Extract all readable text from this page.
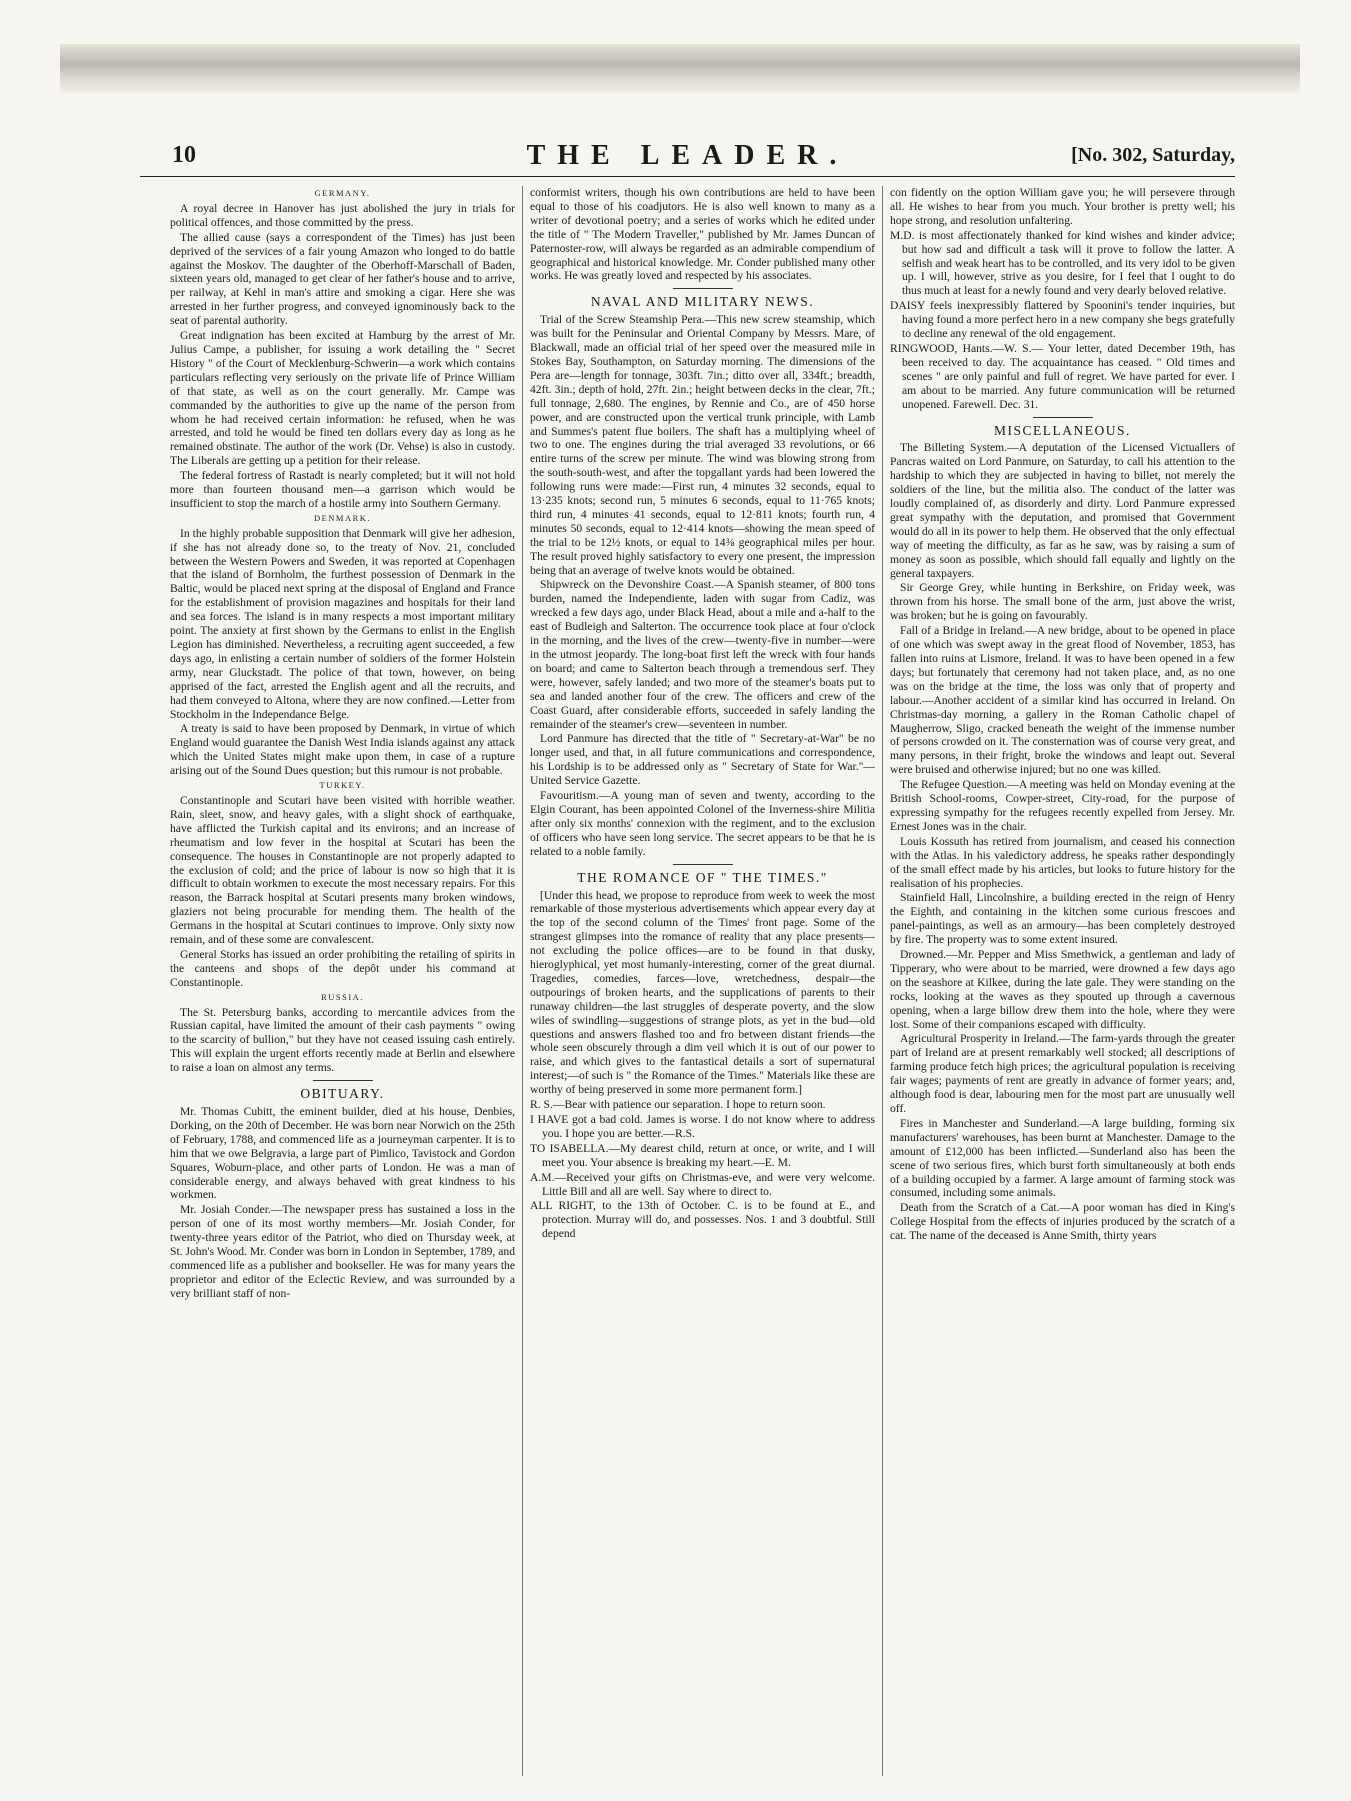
10	THE LEADER.	[No. 302, Saturday,
GERMANY.

A royal decree in Hanover has just abolished the jury in trials for political offences, and those committed by the press.

The allied cause (says a correspondent of the Times) has just been deprived of the services of a fair young Amazon who longed to do battle against the Moskov. The daughter of the Oberhoff-Marschall of Baden, sixteen years old, managed to get clear of her father's house and to arrive, per railway, at Kehl in man's attire and smoking a cigar. Here she was arrested in her further progress, and conveyed ignominously back to the seat of parental authority.

Great indignation has been excited at Hamburg by the arrest of Mr. Julius Campe, a publisher, for issuing a work detailing the " Secret History " of the Court of Mecklenburg-Schwerin—a work which contains particulars reflecting very seriously on the private life of Prince William of that state, as well as on the court generally. Mr. Campe was commanded by the authorities to give up the name of the person from whom he had received certain information: he refused, when he was arrested, and told he would be fined ten dollars every day as long as he remained obstinate. The author of the work (Dr. Vehse) is also in custody. The Liberals are getting up a petition for their release.

The federal fortress of Rastadt is nearly completed; but it will not hold more than fourteen thousand men—a garrison which would be insufficient to stop the march of a hostile army into Southern Germany.

DENMARK.

In the highly probable supposition that Denmark will give her adhesion, if she has not already done so, to the treaty of Nov. 21, concluded between the Western Powers and Sweden, it was reported at Copenhagen that the island of Bornholm, the furthest possession of Denmark in the Baltic, would be placed next spring at the disposal of England and France for the establishment of provision magazines and hospitals for their land and sea forces. The island is in many respects a most important military point. The anxiety at first shown by the Germans to enlist in the English Legion has diminished. Nevertheless, a recruiting agent succeeded, a few days ago, in enlisting a certain number of soldiers of the former Holstein army, near Gluckstadt. The police of that town, however, on being apprised of the fact, arrested the English agent and all the recruits, and had them conveyed to Altona, where they are now confined.—Letter from Stockholm in the Independance Belge.

A treaty is said to have been proposed by Denmark, in virtue of which England would guarantee the Danish West India islands against any attack which the United States might make upon them, in case of a rupture arising out of the Sound Dues question; but this rumour is not probable.

TURKEY.

Constantinople and Scutari have been visited with horrible weather. Rain, sleet, snow, and heavy gales, with a slight shock of earthquake, have afflicted the Turkish capital and its environs; and an increase of rheumatism and low fever in the hospital at Scutari has been the consequence. The houses in Constantinople are not properly adapted to the exclusion of cold; and the price of labour is now so high that it is difficult to obtain workmen to execute the most necessary repairs. For this reason, the Barrack hospital at Scutari presents many broken windows, glaziers not being procurable for mending them. The health of the Germans in the hospital at Scutari continues to improve. Only sixty now remain, and of these some are convalescent.

General Storks has issued an order prohibiting the retailing of spirits in the canteens and shops of the depôt under his command at Constantinople.

RUSSIA.

The St. Petersburg banks, according to mercantile advices from the Russian capital, have limited the amount of their cash payments " owing to the scarcity of bullion," but they have not ceased issuing cash entirely. This will explain the urgent efforts recently made at Berlin and elsewhere to raise a loan on almost any terms.

OBITUARY.

Mr. Thomas Cubitt, the eminent builder, died at his house, Denbies, Dorking, on the 20th of December. He was born near Norwich on the 25th of February, 1788, and commenced life as a journeyman carpenter. It is to him that we owe Belgravia, a large part of Pimlico, Tavistock and Gordon Squares, Woburn-place, and other parts of London. He was a man of considerable energy, and always behaved with great kindness to his workmen.

Mr. Josiah Conder.—The newspaper press has sustained a loss in the person of one of its most worthy members—Mr. Josiah Conder, for twenty-three years editor of the Patriot, who died on Thursday week, at St. John's Wood. Mr. Conder was born in London in September, 1789, and commenced life as a publisher and bookseller. He was for many years the proprietor and editor of the Eclectic Review, and was surrounded by a very brilliant staff of non-

conformist writers, though his own contributions are held to have been equal to those of his coadjutors. He is also well known to many as a writer of devotional poetry; and a series of works which he edited under the title of " The Modern Traveller," published by Mr. James Duncan of Paternoster-row, will always be regarded as an admirable compendium of geographical and historical knowledge. Mr. Conder published many other works. He was greatly loved and respected by his associates.

NAVAL AND MILITARY NEWS.

Trial of the Screw Steamship Pera.—This new screw steamship, which was built for the Peninsular and Oriental Company by Messrs. Mare, of Blackwall, made an official trial of her speed over the measured mile in Stokes Bay, Southampton, on Saturday morning. The dimensions of the Pera are—length for tonnage, 303ft. 7in.; ditto over all, 334ft.; breadth, 42ft. 3in.; depth of hold, 27ft. 2in.; height between decks in the clear, 7ft.; full tonnage, 2,680. The engines, by Rennie and Co., are of 450 horse power, and are constructed upon the vertical trunk principle, with Lamb and Summes's patent flue boilers. The shaft has a multiplying wheel of two to one. The engines during the trial averaged 33 revolutions, or 66 entire turns of the screw per minute. The wind was blowing strong from the south-south-west, and after the topgallant yards had been lowered the following runs were made:—First run, 4 minutes 32 seconds, equal to 13·235 knots; second run, 5 minutes 6 seconds, equal to 11·765 knots; third run, 4 minutes 41 seconds, equal to 12·811 knots; fourth run, 4 minutes 50 seconds, equal to 12·414 knots—showing the mean speed of the trial to be 12½ knots, or equal to 14⅜ geographical miles per hour. The result proved highly satisfactory to every one present, the impression being that an average of twelve knots would be obtained.

Shipwreck on the Devonshire Coast.—A Spanish steamer, of 800 tons burden, named the Independiente, laden with sugar from Cadiz, was wrecked a few days ago, under Black Head, about a mile and a-half to the east of Budleigh and Salterton. The occurrence took place at four o'clock in the morning, and the lives of the crew—twenty-five in number—were in the utmost jeopardy. The long-boat first left the wreck with four hands on board; and came to Salterton beach through a tremendous serf. They were, however, safely landed; and two more of the steamer's boats put to sea and landed another four of the crew. The officers and crew of the Coast Guard, after considerable efforts, succeeded in safely landing the remainder of the steamer's crew—seventeen in number.

Lord Panmure has directed that the title of " Secretary-at-War" be no longer used, and that, in all future communications and correspondence, his Lordship is to be addressed only as " Secretary of State for War."—United Service Gazette.

Favouritism.—A young man of seven and twenty, according to the Elgin Courant, has been appointed Colonel of the Inverness-shire Militia after only six months' connexion with the regiment, and to the exclusion of officers who have seen long service. The secret appears to be that he is related to a noble family.

THE ROMANCE OF " THE TIMES."

[Under this head, we propose to reproduce from week to week the most remarkable of those mysterious advertisements which appear every day at the top of the second column of the Times' front page. Some of the strangest glimpses into the romance of reality that any place presents—not excluding the police offices—are to be found in that dusky, hieroglyphical, yet most humanly-interesting, corner of the great diurnal. Tragedies, comedies, farces—love, wretchedness, despair—the outpourings of broken hearts, and the supplications of parents to their runaway children—the last struggles of desperate poverty, and the slow wiles of swindling—suggestions of strange plots, as yet in the bud—old questions and answers flashed too and fro between distant friends—the whole seen obscurely through a dim veil which it is out of our power to raise, and which gives to the fantastical details a sort of supernatural interest;—of such is " the Romance of the Times." Materials like these are worthy of being preserved in some more permanent form.]

R. S.—Bear with patience our separation. I hope to return soon.

I HAVE got a bad cold. James is worse. I do not know where to address you. I hope you are better.—R.S.

TO ISABELLA.—My dearest child, return at once, or write, and I will meet you. Your absence is breaking my heart.—E. M.

A.M.—Received your gifts on Christmas-eve, and were very welcome. Little Bill and all are well. Say where to direct to.

ALL RIGHT, to the 13th of October. C. is to be found at E., and protection. Murray will do, and possesses. Nos. 1 and 3 doubtful. Still depend

con fidently on the option William gave you; he will persevere through all. He wishes to hear from you much. Your brother is pretty well; his hope strong, and resolution unfaltering.

M.D. is most affectionately thanked for kind wishes and kinder advice; but how sad and difficult a task will it prove to follow the latter. A selfish and weak heart has to be controlled, and its very idol to be given up. I will, however, strive as you desire, for I feel that I ought to do thus much at least for a newly found and very dearly beloved relative.

DAISY feels inexpressibly flattered by Spoonini's tender inquiries, but having found a more perfect hero in a new company she begs gratefully to decline any renewal of the old engagement.

RINGWOOD, Hants.—W. S.— Your letter, dated December 19th, has been received to day. The acquaintance has ceased. " Old times and scenes " are only painful and full of regret. We have parted for ever. I am about to be married. Any future communication will be returned unopened. Farewell. Dec. 31.

MISCELLANEOUS.

The Billeting System.—A deputation of the Licensed Victuallers of Pancras waited on Lord Panmure, on Saturday, to call his attention to the hardship to which they are subjected in having to billet, not merely the soldiers of the line, but the militia also. The conduct of the latter was loudly complained of, as disorderly and dirty. Lord Panmure expressed great sympathy with the deputation, and promised that Government would do all in its power to help them. He observed that the only effectual way of meeting the difficulty, as far as he saw, was by raising a sum of money as soon as possible, which should fall equally and lightly on the general taxpayers.

Sir George Grey, while hunting in Berkshire, on Friday week, was thrown from his horse. The small bone of the arm, just above the wrist, was broken; but he is going on favourably.

Fall of a Bridge in Ireland.—A new bridge, about to be opened in place of one which was swept away in the great flood of November, 1853, has fallen into ruins at Lismore, Ireland. It was to have been opened in a few days; but fortunately that ceremony had not taken place, and, as no one was on the bridge at the time, the loss was only that of property and labour.—Another accident of a similar kind has occurred in Ireland. On Christmas-day morning, a gallery in the Roman Catholic chapel of Maugherrow, Sligo, cracked beneath the weight of the immense number of persons crowded on it. The consternation was of course very great, and many persons, in their fright, broke the windows and leapt out. Several were bruised and otherwise injured; but no one was killed.

The Refugee Question.—A meeting was held on Monday evening at the British School-rooms, Cowper-street, City-road, for the purpose of expressing sympathy for the refugees recently expelled from Jersey. Mr. Ernest Jones was in the chair.

Louis Kossuth has retired from journalism, and ceased his connection with the Atlas. In his valedictory address, he speaks rather despondingly of the small effect made by his articles, but looks to future history for the realisation of his prophecies.

Stainfield Hall, Lincolnshire, a building erected in the reign of Henry the Eighth, and containing in the kitchen some curious frescoes and panel-paintings, as well as an armoury—has been completely destroyed by fire. The property was to some extent insured.

Drowned.—Mr. Pepper and Miss Smethwick, a gentleman and lady of Tipperary, who were about to be married, were drowned a few days ago on the seashore at Kilkee, during the late gale. They were standing on the rocks, looking at the waves as they spouted up through a cavernous opening, when a large billow drew them into the hole, where they were lost. Some of their companions escaped with difficulty.

Agricultural Prosperity in Ireland.—The farm-yards through the greater part of Ireland are at present remarkably well stocked; all descriptions of farming produce fetch high prices; the agricultural population is receiving fair wages; payments of rent are greatly in advance of former years; and, although food is dear, labouring men for the most part are unusually well off.

Fires in Manchester and Sunderland.—A large building, forming six manufacturers' warehouses, has been burnt at Manchester. Damage to the amount of £12,000 has been inflicted.—Sunderland also has been the scene of two serious fires, which burst forth simultaneously at both ends of a building occupied by a farmer. A large amount of farming stock was consumed, including some animals.

Death from the Scratch of a Cat.—A poor woman has died in King's College Hospital from the effects of injuries produced by the scratch of a cat. The name of the deceased is Anne Smith, thirty years
